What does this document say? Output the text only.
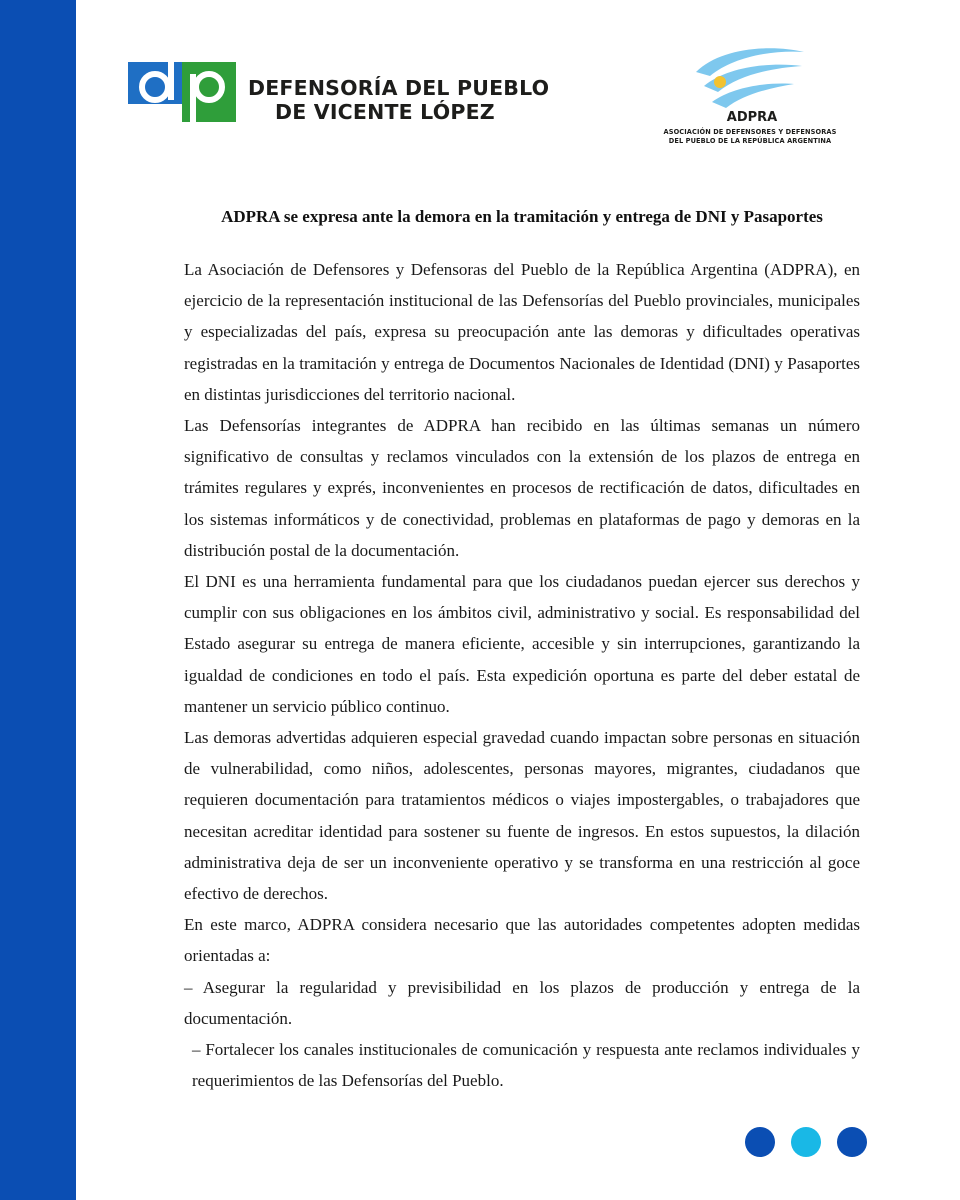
DEFENSORÍA DEL PUEBLO
DE VICENTE LÓPEZ	ADPRA
ASOCIACIÓN DE DEFENSORES Y DEFENSORAS
DEL PUEBLO DE LA REPÚBLICA ARGENTINA
ADPRA se expresa ante la demora en la tramitación y entrega de DNI y Pasaportes

La Asociación de Defensores y Defensoras del Pueblo de la República Argentina (ADPRA), en ejercicio de la representación institucional de las Defensorías del Pueblo provinciales, municipales y especializadas del país, expresa su preocupación ante las demoras y dificultades operativas registradas en la tramitación y entrega de Documentos Nacionales de Identidad (DNI) y Pasaportes en distintas jurisdicciones del territorio nacional.

Las Defensorías integrantes de ADPRA han recibido en las últimas semanas un número significativo de consultas y reclamos vinculados con la extensión de los plazos de entrega en trámites regulares y exprés, inconvenientes en procesos de rectificación de datos, dificultades en los sistemas informáticos y de conectividad, problemas en plataformas de pago y demoras en la distribución postal de la documentación.

El DNI es una herramienta fundamental para que los ciudadanos puedan ejercer sus derechos y cumplir con sus obligaciones en los ámbitos civil, administrativo y social. Es responsabilidad del Estado asegurar su entrega de manera eficiente, accesible y sin interrupciones, garantizando la igualdad de condiciones en todo el país. Esta expedición oportuna es parte del deber estatal de mantener un servicio público continuo.

Las demoras advertidas adquieren especial gravedad cuando impactan sobre personas en situación de vulnerabilidad, como niños, adolescentes, personas mayores, migrantes, ciudadanos que requieren documentación para tratamientos médicos o viajes impostergables, o trabajadores que necesitan acreditar identidad para sostener su fuente de ingresos. En estos supuestos, la dilación administrativa deja de ser un inconveniente operativo y se transforma en una restricción al goce efectivo de derechos.

En este marco, ADPRA considera necesario que las autoridades competentes adopten medidas orientadas a:

– Asegurar la regularidad y previsibilidad en los plazos de producción y entrega de la documentación.

– Fortalecer los canales institucionales de comunicación y respuesta ante reclamos individuales y requerimientos de las Defensorías del Pueblo.
